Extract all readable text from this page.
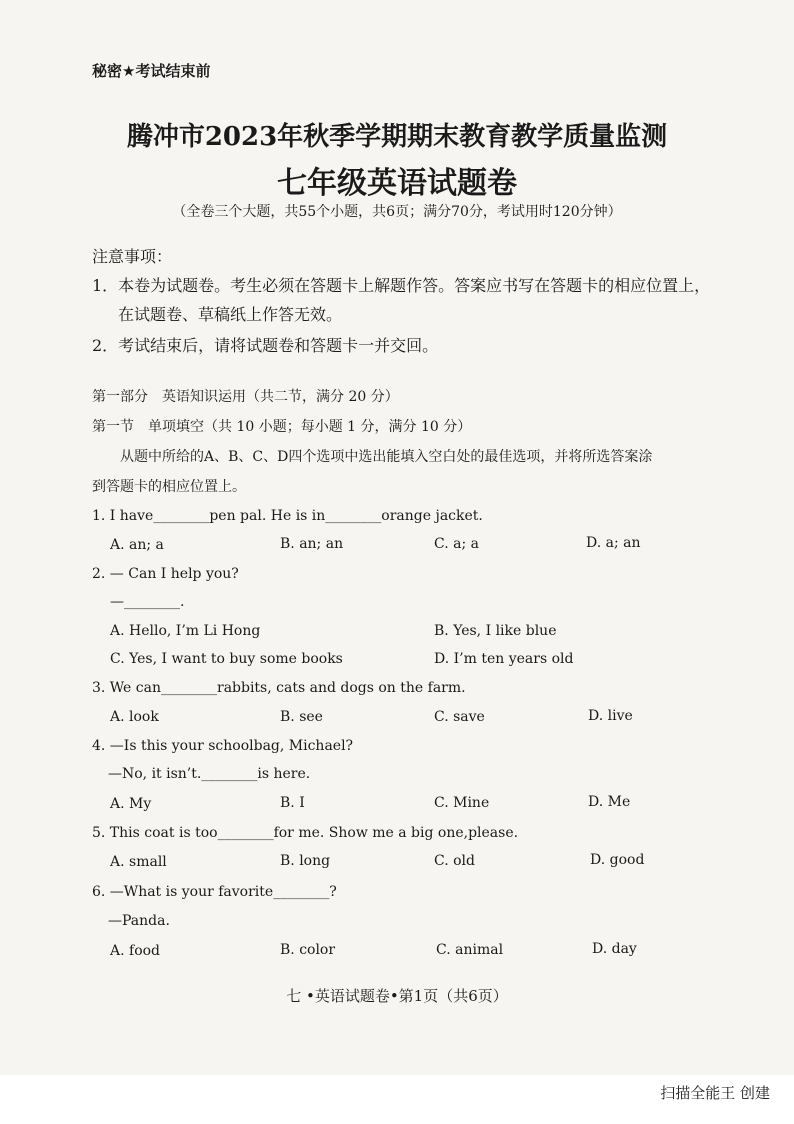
秘密★考试结束前
腾冲市2023年秋季学期期末教育教学质量监测
七年级英语试题卷
（全卷三个大题，共55个小题，共6页；满分70分，考试用时120分钟）
注意事项：
1．本卷为试题卷。考生必须在答题卡上解题作答。答案应书写在答题卡的相应位置上，
在试题卷、草稿纸上作答无效。
2．考试结束后，请将试题卷和答题卡一并交回。
第一部分　英语知识运用（共二节，满分 20 分）
第一节　单项填空（共 10 小题；每小题 1 分，满分 10 分）
从题中所给的A、B、C、D四个选项中选出能填入空白处的最佳选项，并将所选答案涂
到答题卡的相应位置上。
1. I have________pen pal. He is in________orange jacket.
A. an; a	B. an; an	C. a; a	D. a; an
2. — Can I help you?
—________.
A. Hello, I’m Li Hong	B. Yes, I like blue
C. Yes, I want to buy some books	D. I’m ten years old
3. We can________rabbits, cats and dogs on the farm.
A. look	B. see	C. save	D. live
4. —Is this your schoolbag, Michael?
—No, it isn’t.________is here.
A. My	B. I	C. Mine	D. Me
5. This coat is too________for me. Show me a big one,please.
A. small	B. long	C. old	D. good
6. —What is your favorite________?
—Panda.
A. food	B. color	C. animal	D. day
七 •英语试题卷•第1页（共6页）
扫描全能王 创建
